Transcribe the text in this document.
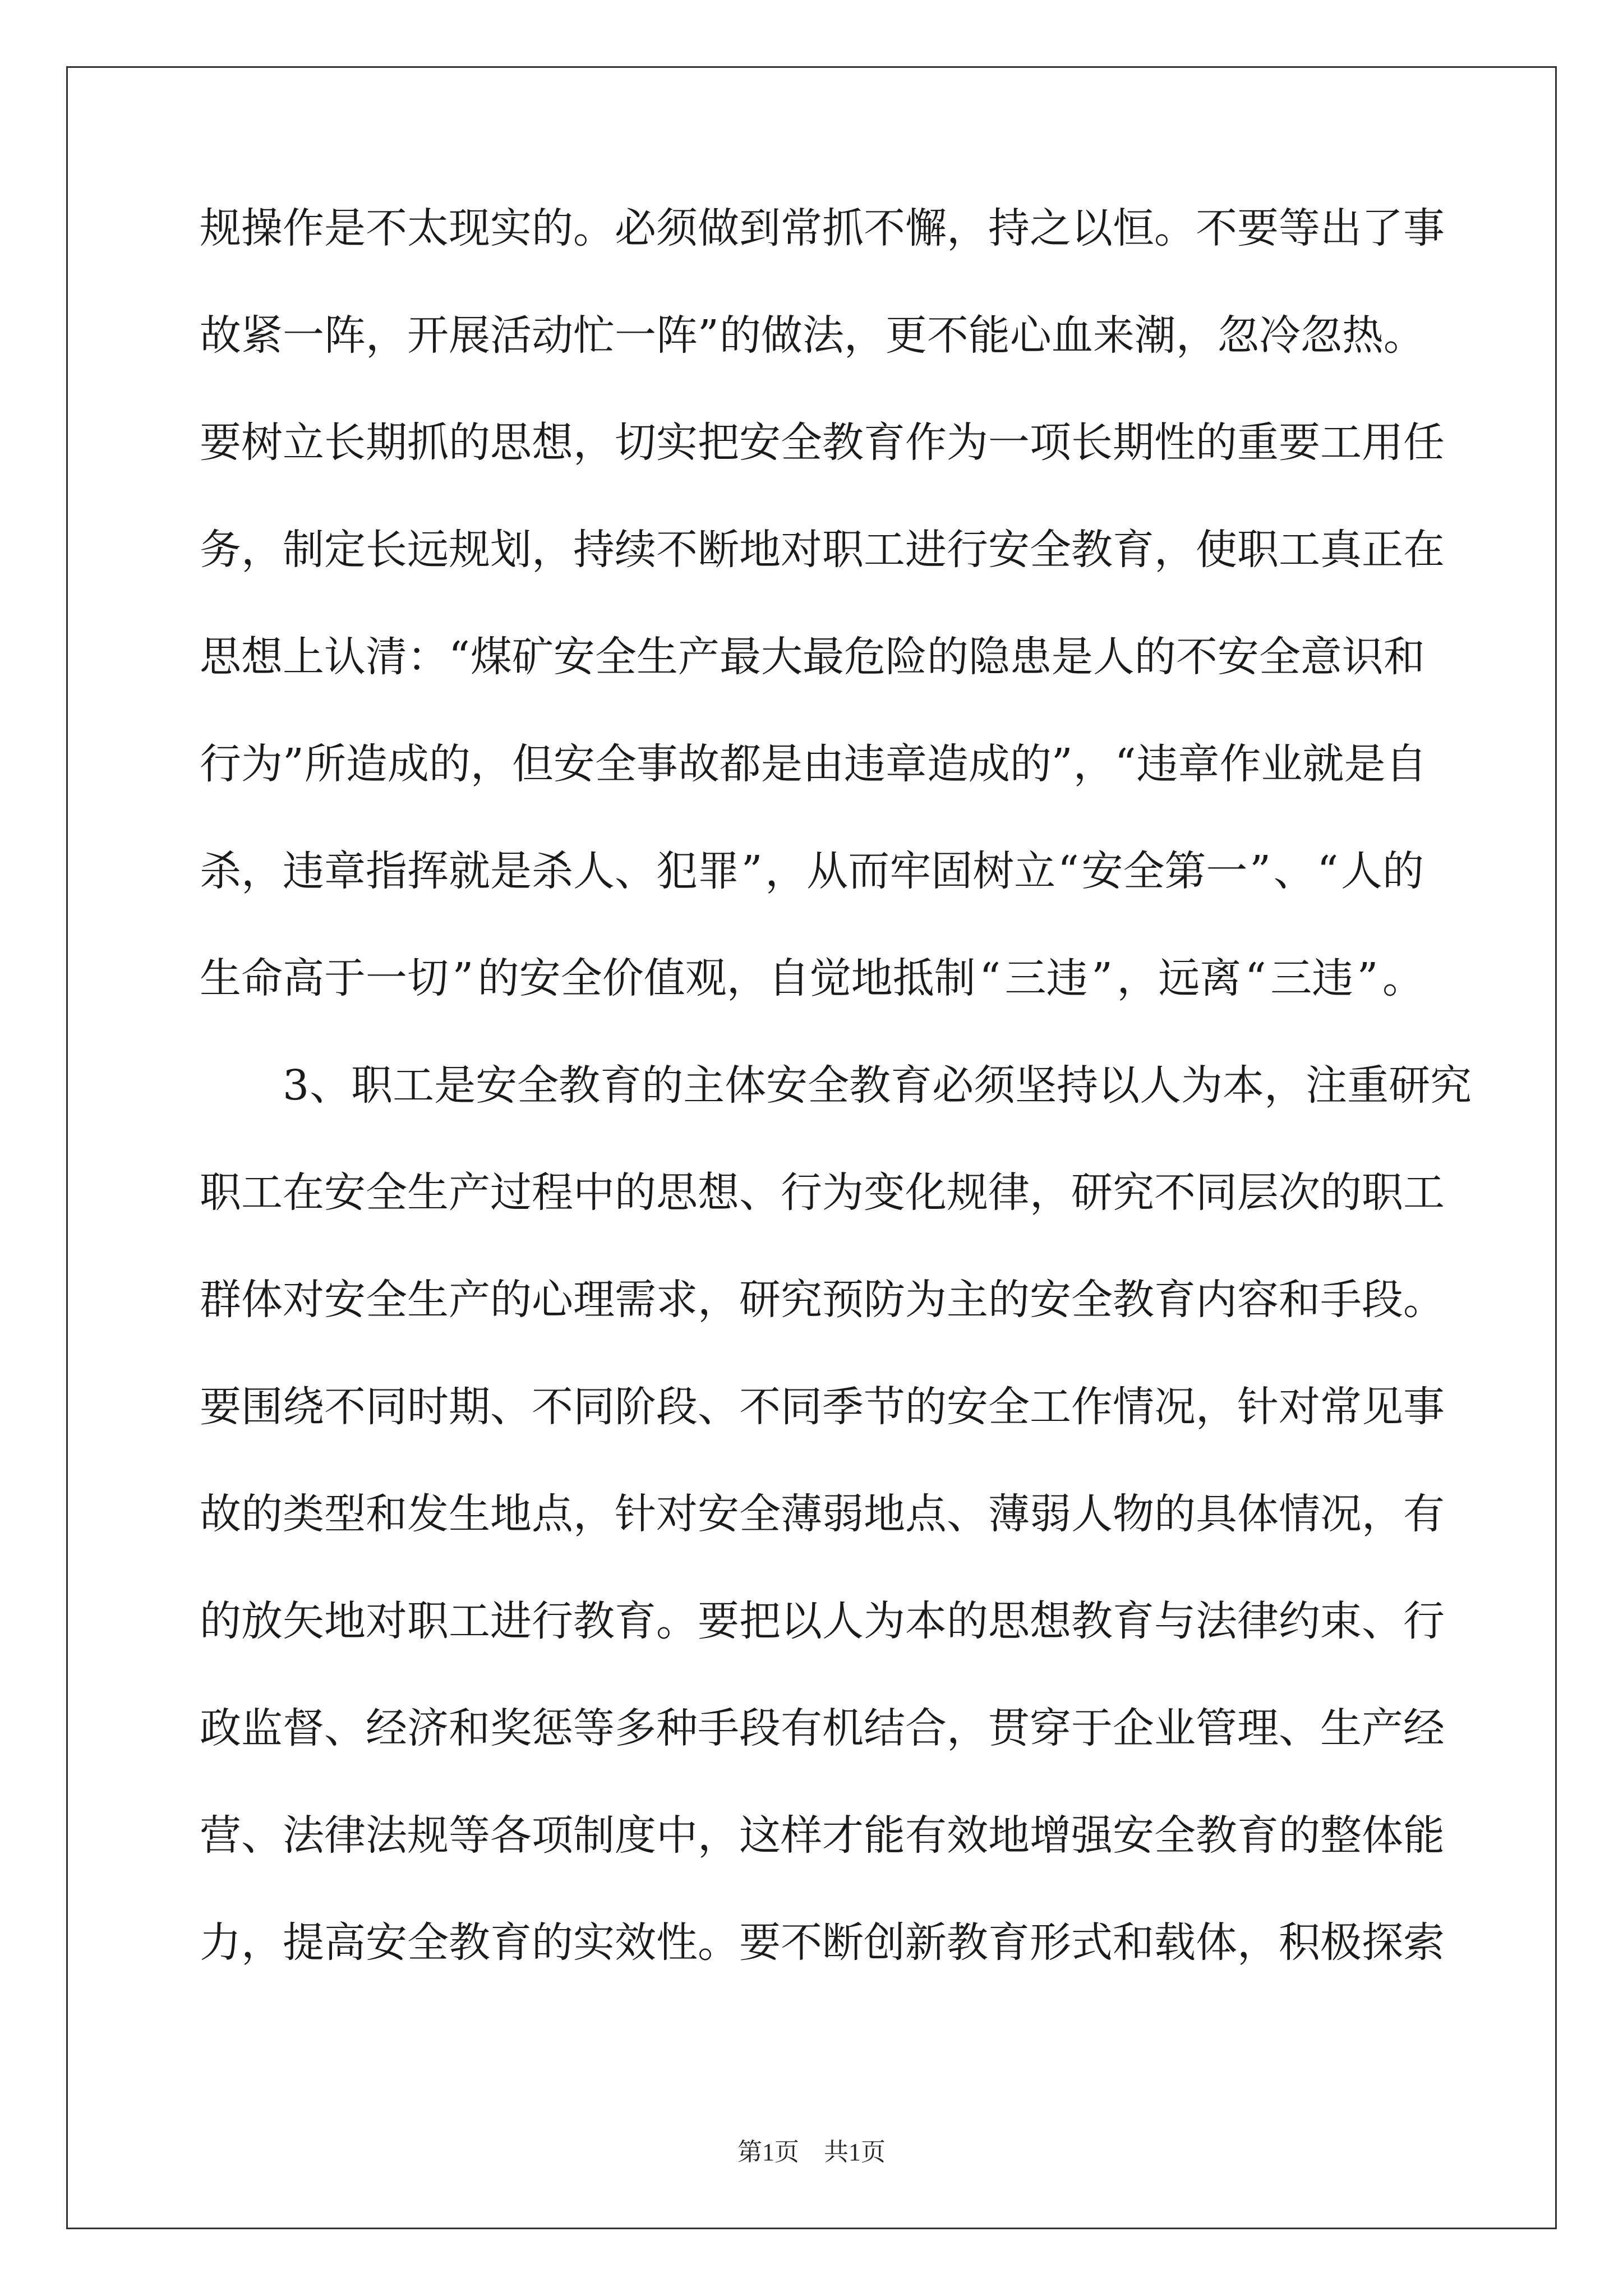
规 操 作 是 不 太 现 实 的 。 必 须 做 到 常 抓 不 懈 ， 持 之 以 恒 。 不 要 等 出 了 事
故 紧 一 阵 ， 开 展 活 动 忙 一 阵 ” 的 做 法 ， 更 不 能 心 血 来 潮 ， 忽 冷 忽 热 。
要 树 立 长 期 抓 的 思 想 ， 切 实 把 安 全 教 育 作 为 一 项 长 期 性 的 重 要 工 用 任
务 ， 制 定 长 远 规 划 ， 持 续 不 断 地 对 职 工 进 行 安 全 教 育 ， 使 职 工 真 正 在
思 想 上 认 清 ： “ 煤 矿 安 全 生 产 最 大 最 危 险 的 隐 患 是 人 的 不 安 全 意 识 和
行 为 ” 所 造 成 的 ， 但 安 全 事 故 都 是 由 违 章 造 成 的 ” ， “ 违 章 作 业 就 是 自
杀 ， 违 章 指 挥 就 是 杀 人 、 犯 罪 ” ， 从 而 牢 固 树 立 “ 安 全 第 一 ” 、 “ 人 的
生 命 高 于 一 切 ” 的 安 全 价 值 观 ， 自 觉 地 抵 制 “ 三 违 ” ， 远 离 “ 三 违 ” 。

3 、 职 工 是 安 全 教 育 的 主 体 安 全 教 育 必 须 坚 持 以 人 为 本 ， 注 重 研 究
职 工 在 安 全 生 产 过 程 中 的 思 想 、 行 为 变 化 规 律 ， 研 究 不 同 层 次 的 职 工
群 体 对 安 全 生 产 的 心 理 需 求 ， 研 究 预 防 为 主 的 安 全 教 育 内 容 和 手 段 。
要 围 绕 不 同 时 期 、 不 同 阶 段 、 不 同 季 节 的 安 全 工 作 情 况 ， 针 对 常 见 事
故 的 类 型 和 发 生 地 点 ， 针 对 安 全 薄 弱 地 点 、 薄 弱 人 物 的 具 体 情 况 ， 有
的 放 矢 地 对 职 工 进 行 教 育 。 要 把 以 人 为 本 的 思 想 教 育 与 法 律 约 束 、 行
政 监 督 、 经 济 和 奖 惩 等 多 种 手 段 有 机 结 合 ， 贯 穿 于 企 业 管 理 、 生 产 经
营 、 法 律 法 规 等 各 项 制 度 中 ， 这 样 才 能 有 效 地 增 强 安 全 教 育 的 整 体 能
力 ， 提 高 安 全 教 育 的 实 效 性 。 要 不 断 创 新 教 育 形 式 和 载 体 ， 积 极 探 索
第1页　共1页
